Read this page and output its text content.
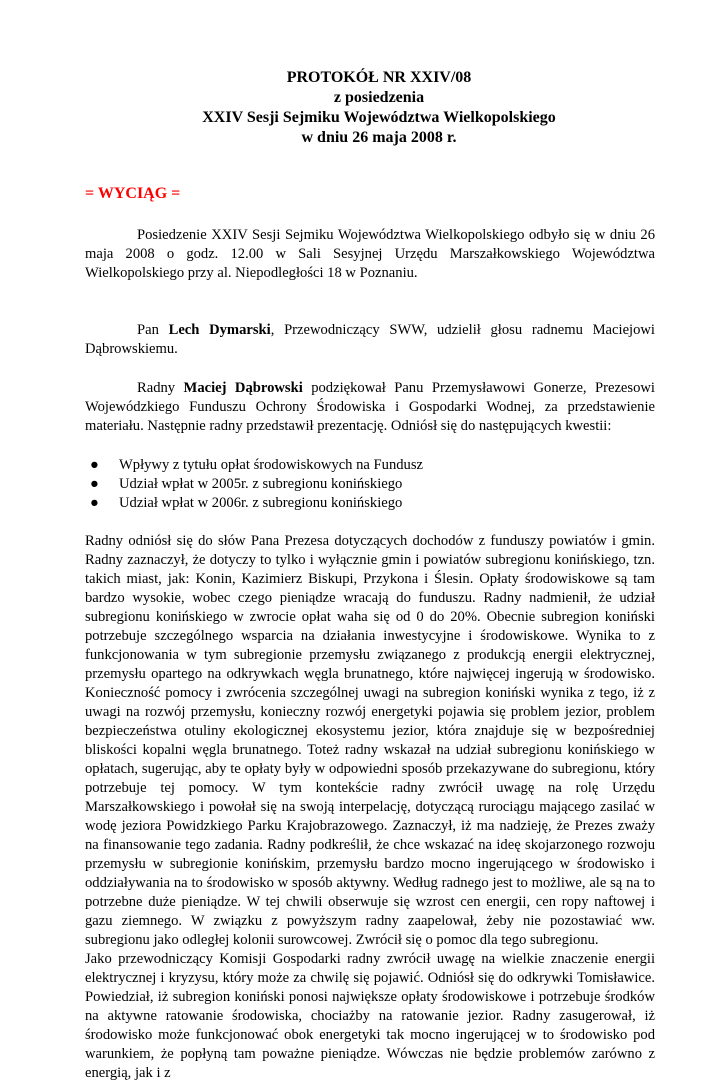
PROTOKÓŁ NR XXIV/08
z posiedzenia
XXIV Sesji Sejmiku Województwa Wielkopolskiego
w dniu 26 maja 2008 r.
= WYCIĄG =

Posiedzenie XXIV Sesji Sejmiku Województwa Wielkopolskiego odbyło się w dniu 26 maja 2008 o godz. 12.00 w Sali Sesyjnej Urzędu Marszałkowskiego Województwa Wielkopolskiego przy al. Niepodległości 18 w Poznaniu.

Pan Lech Dymarski, Przewodniczący SWW, udzielił głosu radnemu Maciejowi Dąbrowskiemu.

Radny Maciej Dąbrowski podziękował Panu Przemysławowi Gonerze, Prezesowi Wojewódzkiego Funduszu Ochrony Środowiska i Gospodarki Wodnej, za przedstawienie materiału. Następnie radny przedstawił prezentację. Odniósł się do następujących kwestii:

● Wpływy z tytułu opłat środowiskowych na Fundusz
● Udział wpłat w 2005r. z subregionu konińskiego
● Udział wpłat w 2006r. z subregionu konińskiego

Radny odniósł się do słów Pana Prezesa dotyczących dochodów z funduszy powiatów i gmin. Radny zaznaczył, że dotyczy to tylko i wyłącznie gmin i powiatów subregionu konińskiego, tzn. takich miast, jak: Konin, Kazimierz Biskupi, Przykona i Ślesin. Opłaty środowiskowe są tam bardzo wysokie, wobec czego pieniądze wracają do funduszu. Radny nadmienił, że udział subregionu konińskiego w zwrocie opłat waha się od 0 do 20%. Obecnie subregion koniński potrzebuje szczególnego wsparcia na działania inwestycyjne i środowiskowe. Wynika to z funkcjonowania w tym subregionie przemysłu związanego z produkcją energii elektrycznej, przemysłu opartego na odkrywkach węgla brunatnego, które najwięcej ingerują w środowisko. Konieczność pomocy i zwrócenia szczególnej uwagi na subregion koniński wynika z tego, iż z uwagi na rozwój przemysłu, konieczny rozwój energetyki pojawia się problem jezior, problem bezpieczeństwa otuliny ekologicznej ekosystemu jezior, która znajduje się w bezpośredniej bliskości kopalni węgla brunatnego. Toteż radny wskazał na udział subregionu konińskiego w opłatach, sugerując, aby te opłaty były w odpowiedni sposób przekazywane do subregionu, który potrzebuje tej pomocy. W tym kontekście radny zwrócił uwagę na rolę Urzędu Marszałkowskiego i powołał się na swoją interpelację, dotyczącą rurociągu mającego zasilać w wodę jeziora Powidzkiego Parku Krajobrazowego. Zaznaczył, iż ma nadzieję, że Prezes zważy na finansowanie tego zadania. Radny podkreślił, że chce wskazać na ideę skojarzonego rozwoju przemysłu w subregionie konińskim, przemysłu bardzo mocno ingerującego w środowisko i oddziaływania na to środowisko w sposób aktywny. Według radnego jest to możliwe, ale są na to potrzebne duże pieniądze. W tej chwili obserwuje się wzrost cen energii, cen ropy naftowej i gazu ziemnego. W związku z powyższym radny zaapelował, żeby nie pozostawiać ww. subregionu jako odległej kolonii surowcowej. Zwrócił się o pomoc dla tego subregionu.

Jako przewodniczący Komisji Gospodarki radny zwrócił uwagę na wielkie znaczenie energii elektrycznej i kryzysu, który może za chwilę się pojawić. Odniósł się do odkrywki Tomisławice. Powiedział, iż subregion koniński ponosi największe opłaty środowiskowe i potrzebuje środków na aktywne ratowanie środowiska, chociażby na ratowanie jezior. Radny zasugerował, iż środowisko może funkcjonować obok energetyki tak mocno ingerującej w to środowisko pod warunkiem, że popłyną tam poważne pieniądze. Wówczas nie będzie problemów zarówno z energią, jak i z
